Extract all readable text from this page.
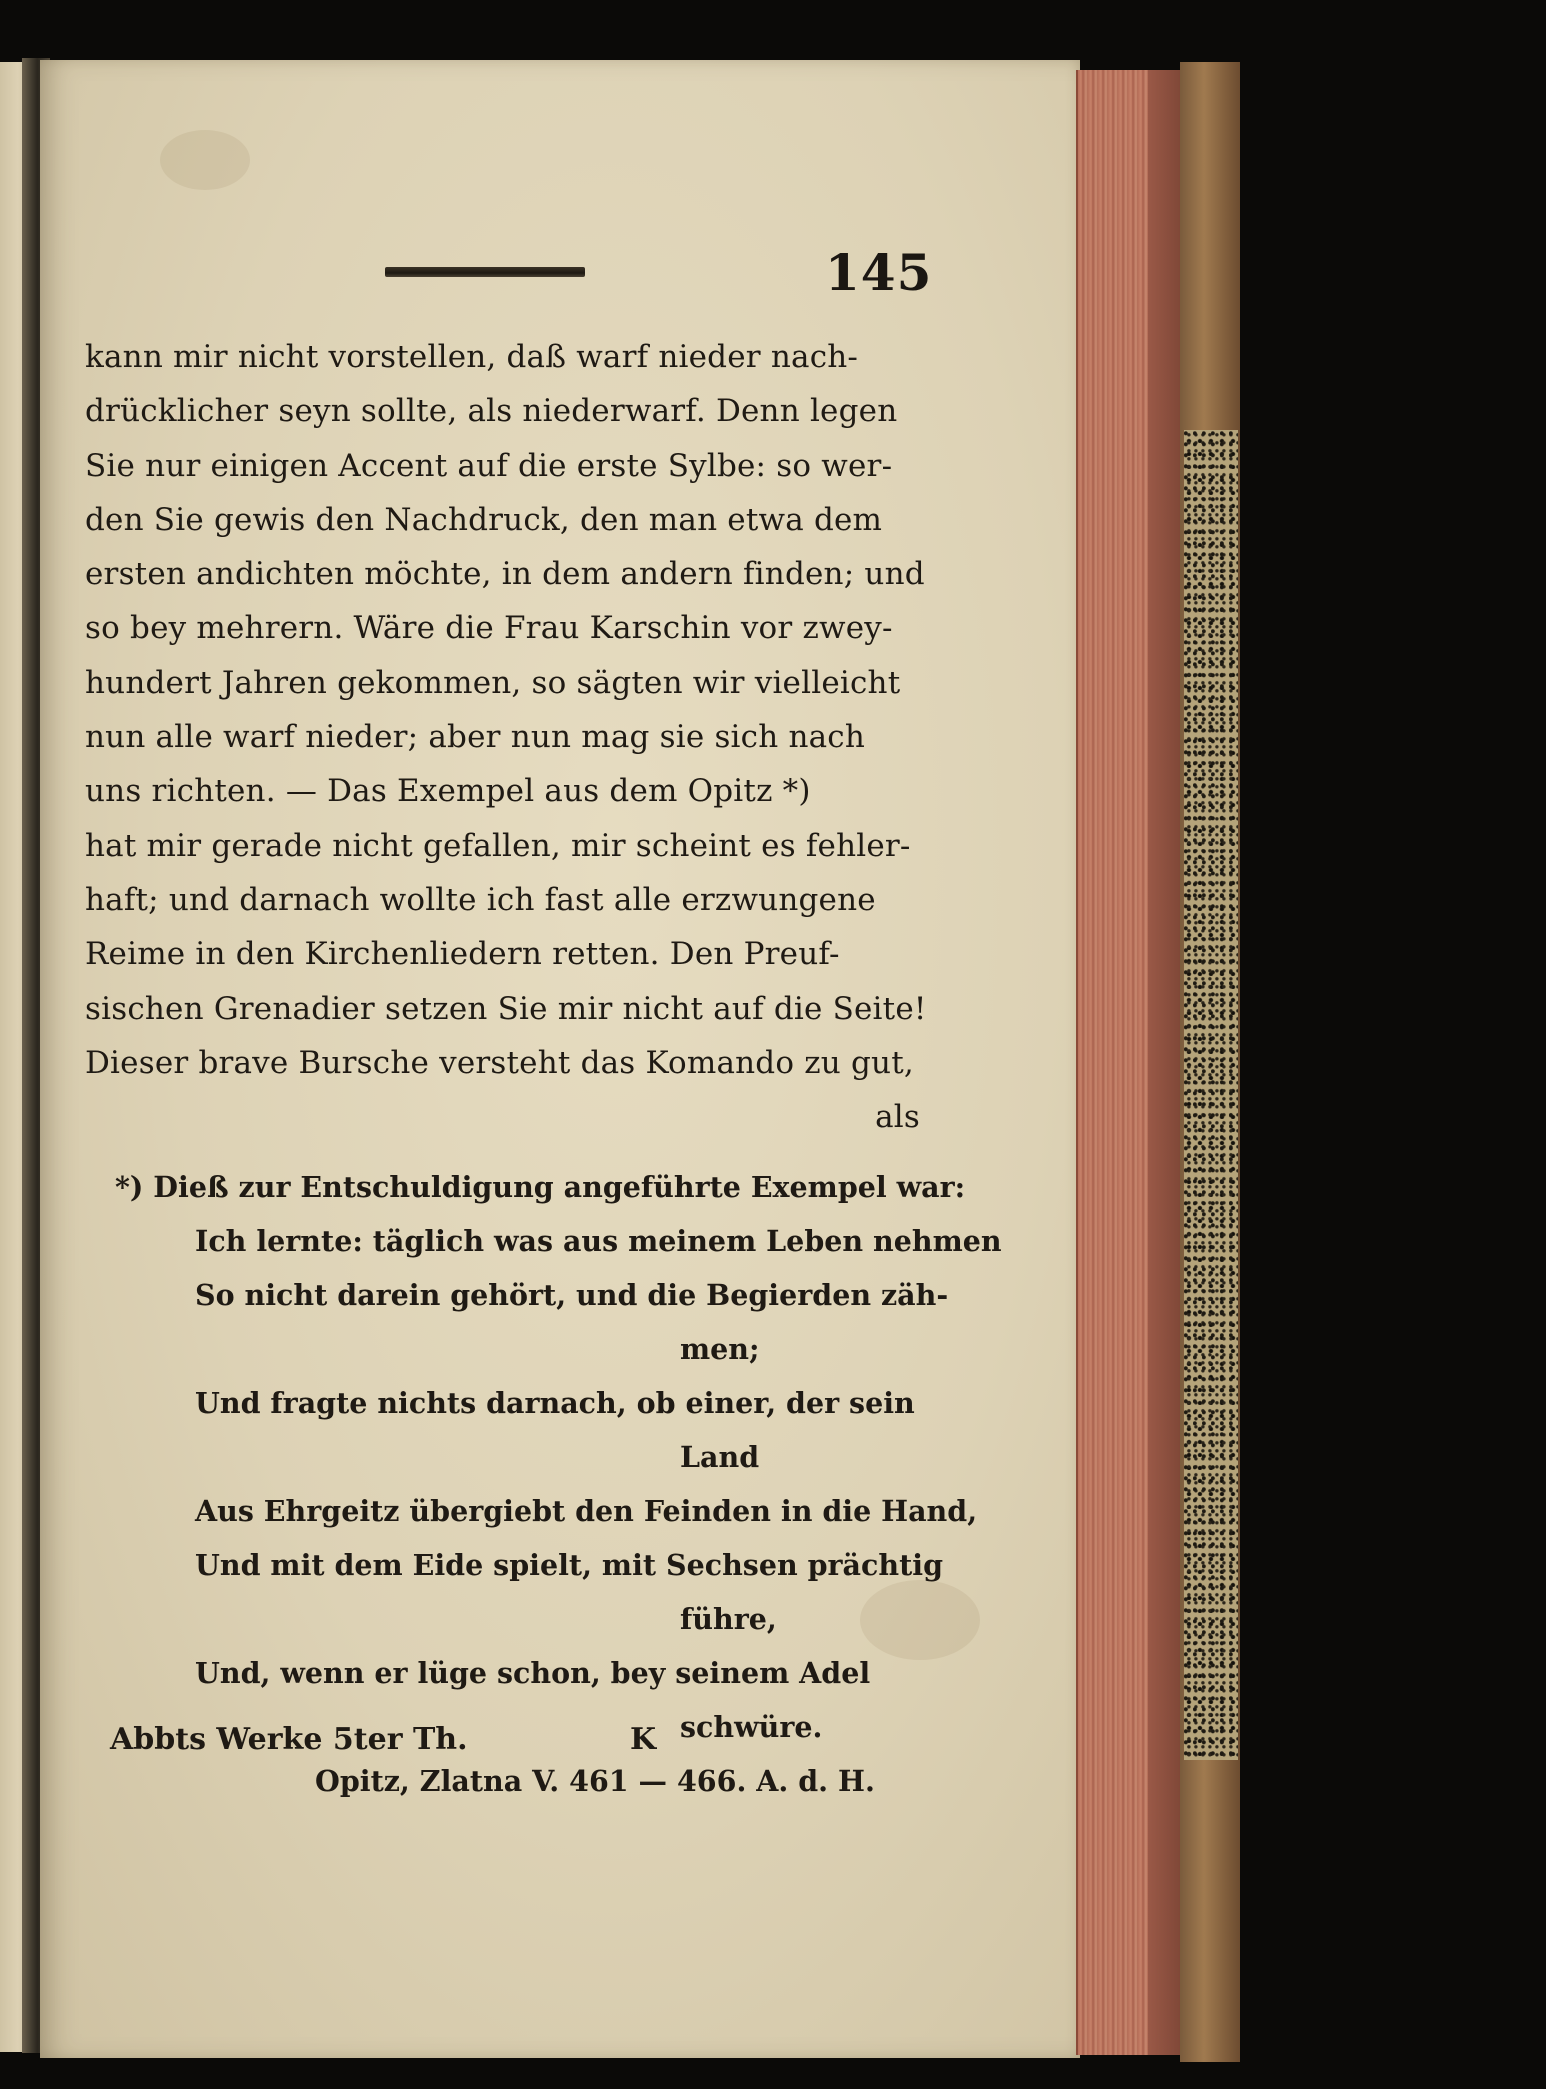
145
kann mir nicht vorstellen, daß warf nieder nach-
drücklicher seyn sollte, als niederwarf. Denn legen
Sie nur einigen Accent auf die erste Sylbe: so wer-
den Sie gewis den Nachdruck, den man etwa dem
ersten andichten möchte, in dem andern finden; und
so bey mehrern. Wäre die Frau Karschin vor zwey-
hundert Jahren gekommen, so sägten wir vielleicht
nun alle warf nieder; aber nun mag sie sich nach
uns richten. — Das Exempel aus dem Opitz *)
hat mir gerade nicht gefallen, mir scheint es fehler-
haft; und darnach wollte ich fast alle erzwungene
Reime in den Kirchenliedern retten. Den Preuf-
sischen Grenadier setzen Sie mir nicht auf die Seite!
Dieser brave Bursche versteht das Komando zu gut,
als
*) Dieß zur Entschuldigung angeführte Exempel war:
Ich lernte: täglich was aus meinem Leben nehmen
So nicht darein gehört, und die Begierden zäh-
men;
Und fragte nichts darnach, ob einer, der sein
Land
Aus Ehrgeitz übergiebt den Feinden in die Hand,
Und mit dem Eide spielt, mit Sechsen prächtig
führe,
Und, wenn er lüge schon, bey seinem Adel
schwüre.
Opitz, Zlatna V. 461 — 466. A. d. H.
Abbts Werke 5ter Th.	K
